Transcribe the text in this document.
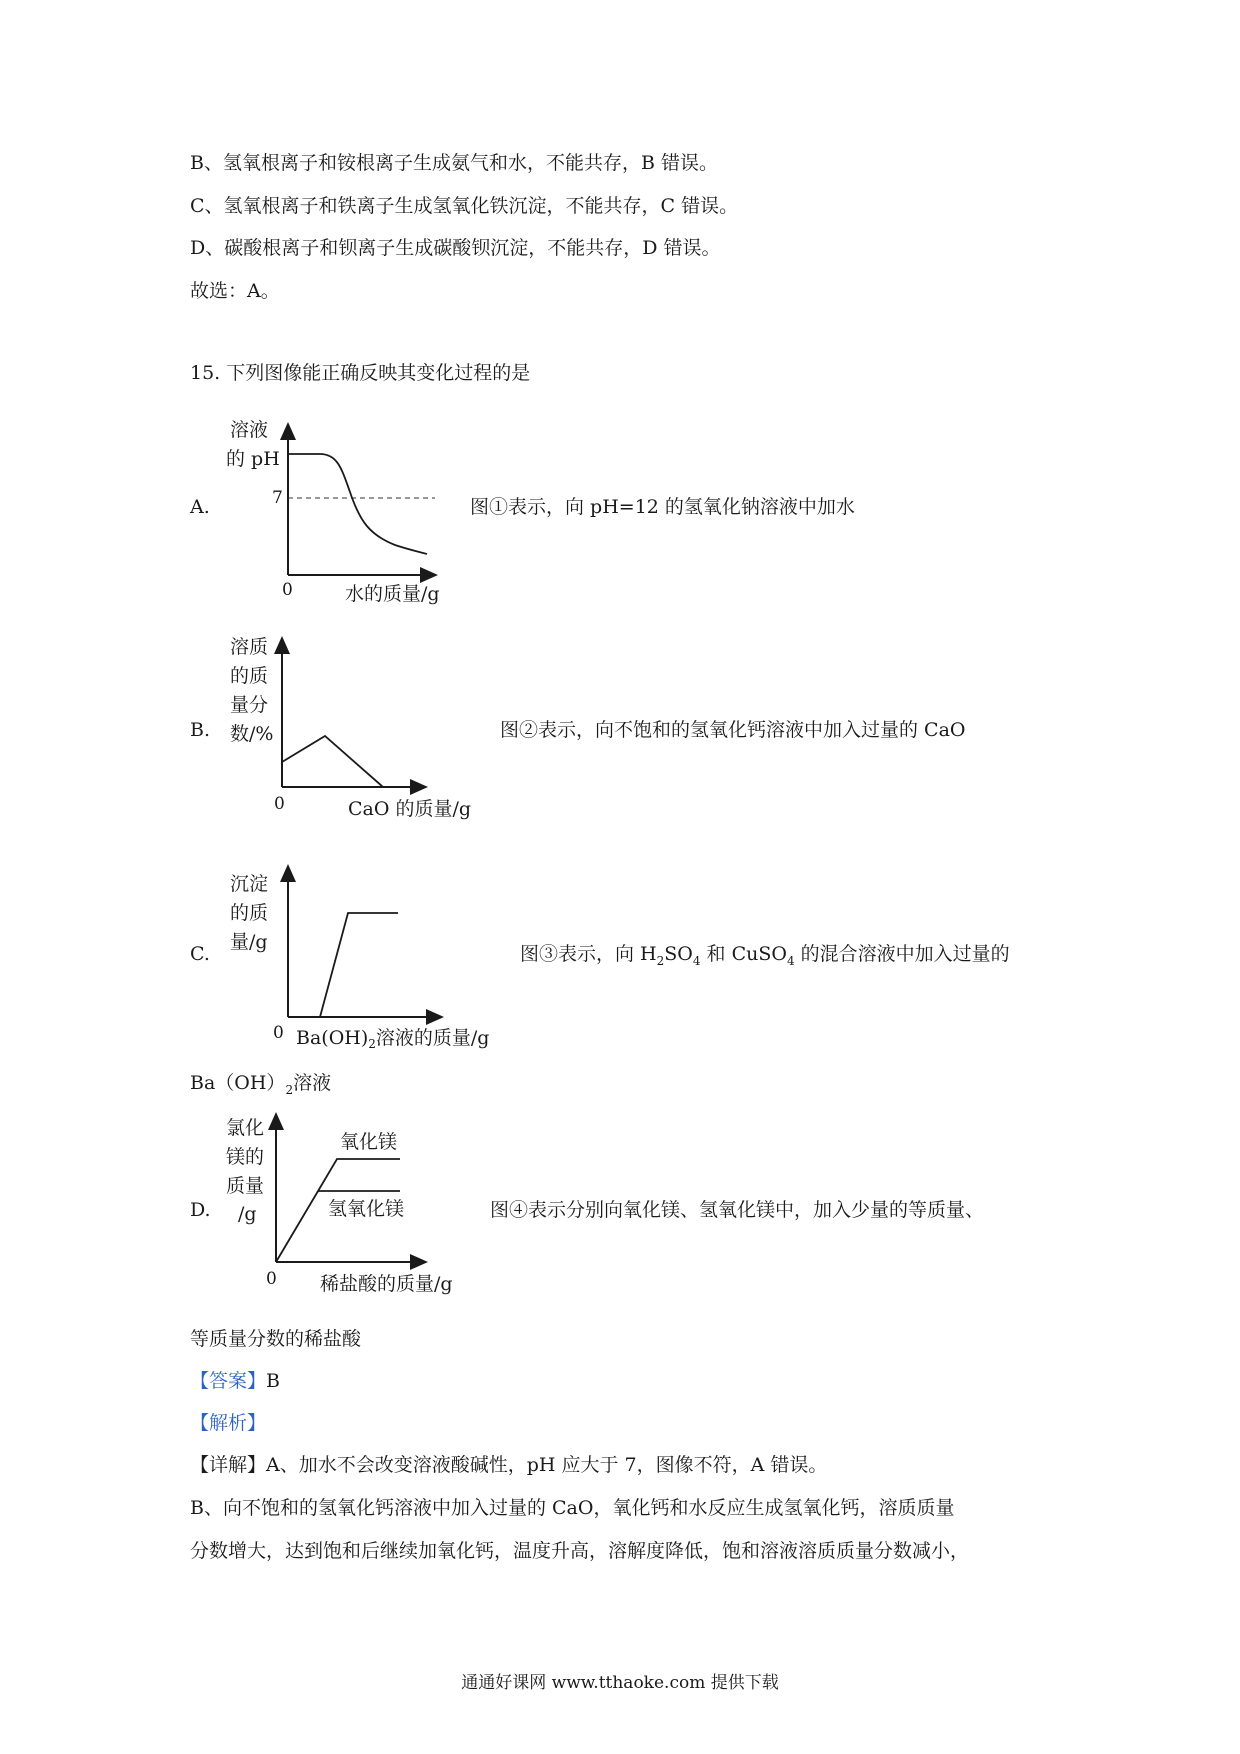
B、氢氧根离子和铵根离子生成氨气和水，不能共存，B 错误。
C、氢氧根离子和铁离子生成氢氧化铁沉淀，不能共存，C 错误。
D、碳酸根离子和钡离子生成碳酸钡沉淀，不能共存，D 错误。
故选：A。
15. 下列图像能正确反映其变化过程的是
A.
溶液
的 pH
7
0	水的质量/g
图①表示，向 pH=12 的氢氧化钠溶液中加水
B.
溶质
的质
量分
数/%
0	CaO 的质量/g
图②表示，向不饱和的氢氧化钙溶液中加入过量的 CaO
C.
沉淀
的质
量/g
0 $Ba(OH)_2$溶液的质量/g
图③表示，向 $H_2SO_4$ 和 CuSO$_4$ 的混合溶液中加入过量的
$Ba(OH)_2$溶液
D.
氯化
镁的
质量
/g
氧化镁
氢氧化镁
0 稀盐酸的质量/g
图④表示分别向氧化镁、氢氧化镁中，加入少量的等质量、
等质量分数的稀盐酸
【答案】B
【解析】
【详解】A、加水不会改变溶液酸碱性，pH 应大于 7，图像不符，A 错误。
B、向不饱和的氢氧化钙溶液中加入过量的 CaO，氧化钙和水反应生成氢氧化钙，溶质质量
分数增大，达到饱和后继续加氧化钙，温度升高，溶解度降低，饱和溶液溶质质量分数减小，
通通好课网 www.tthaoke.com 提供下载
